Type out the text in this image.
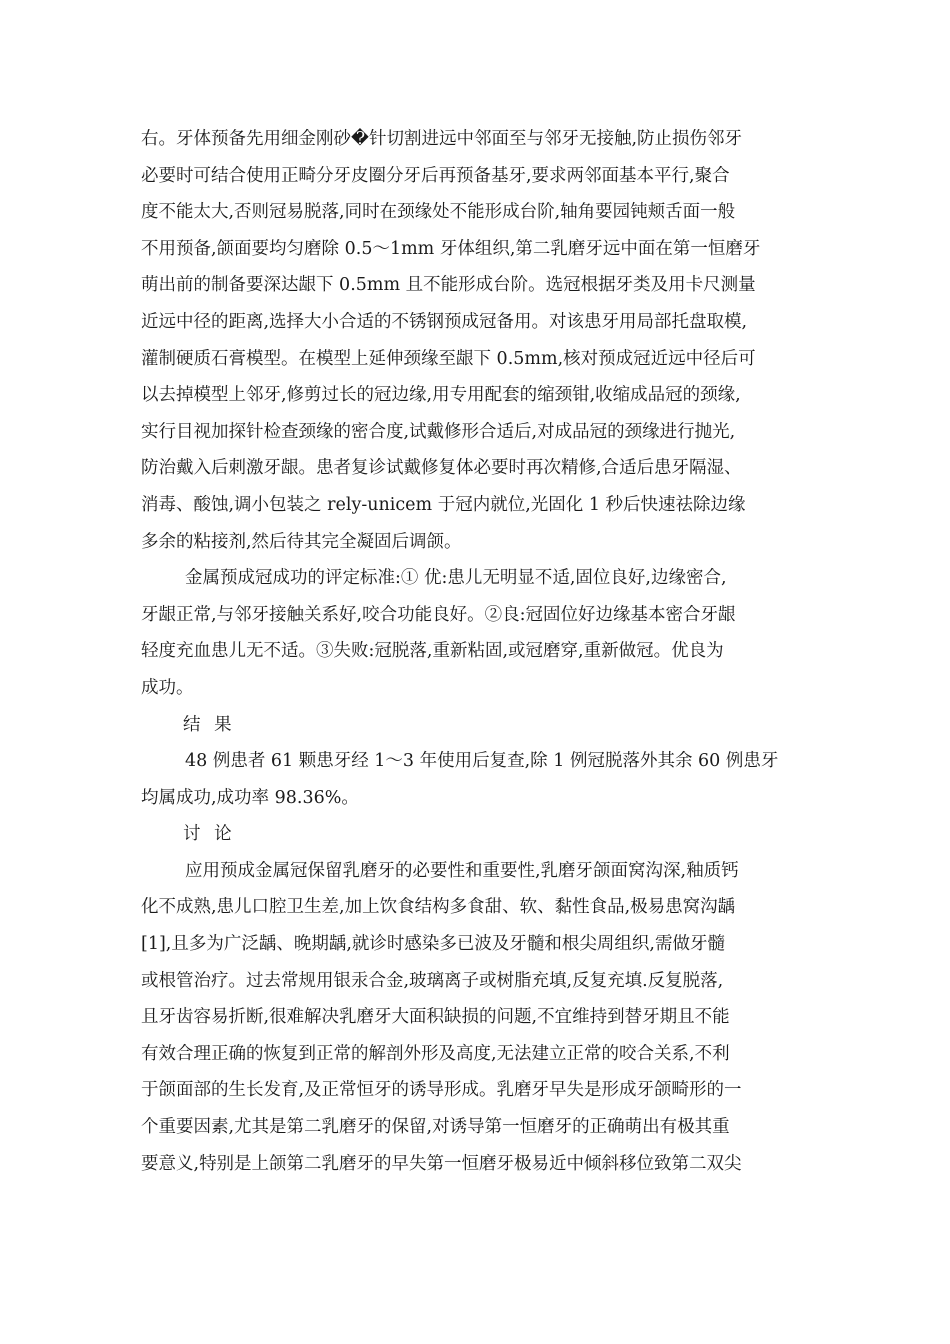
右。牙体预备先用细金刚砂�针切割进远中邻面至与邻牙无接触,防止损伤邻牙
必要时可结合使用正畸分牙皮圈分牙后再预备基牙,要求两邻面基本平行,聚合
度不能太大,否则冠易脱落,同时在颈缘处不能形成台阶,轴角要园钝颊舌面一般
不用预备,颌面要均匀磨除 0.5～1mm 牙体组织,第二乳磨牙远中面在第一恒磨牙
萌出前的制备要深达龈下 0.5mm 且不能形成台阶。选冠根据牙类及用卡尺测量
近远中径的距离,选择大小合适的不锈钢预成冠备用。对该患牙用局部托盘取模,
灌制硬质石膏模型。在模型上延伸颈缘至龈下 0.5mm,核对预成冠近远中径后可
以去掉模型上邻牙,修剪过长的冠边缘,用专用配套的缩颈钳,收缩成品冠的颈缘,
实行目视加探针检查颈缘的密合度,试戴修形合适后,对成品冠的颈缘进行抛光,
防治戴入后刺激牙龈。患者复诊试戴修复体必要时再次精修,合适后患牙隔湿、
消毒、酸蚀,调小包装之 rely-unicem 于冠内就位,光固化 1 秒后快速祛除边缘
多余的粘接剂,然后待其完全凝固后调颌。
金属预成冠成功的评定标准:① 优:患儿无明显不适,固位良好,边缘密合,
牙龈正常,与邻牙接触关系好,咬合功能良好。②良:冠固位好边缘基本密合牙龈
轻度充血患儿无不适。③失败:冠脱落,重新粘固,或冠磨穿,重新做冠。优良为
成功。
结 果
48 例患者 61 颗患牙经 1～3 年使用后复查,除 1 例冠脱落外其余 60 例患牙
均属成功,成功率 98.36%。
讨 论
应用预成金属冠保留乳磨牙的必要性和重要性,乳磨牙颌面窝沟深,釉质钙
化不成熟,患儿口腔卫生差,加上饮食结构多食甜、软、黏性食品,极易患窝沟龋
[1],且多为广泛龋、晚期龋,就诊时感染多已波及牙髓和根尖周组织,需做牙髓
或根管治疗。过去常规用银汞合金,玻璃离子或树脂充填,反复充填.反复脱落,
且牙齿容易折断,很难解决乳磨牙大面积缺损的问题,不宜维持到替牙期且不能
有效合理正确的恢复到正常的解剖外形及高度,无法建立正常的咬合关系,不利
于颌面部的生长发育,及正常恒牙的诱导形成。乳磨牙早失是形成牙颌畸形的一
个重要因素,尤其是第二乳磨牙的保留,对诱导第一恒磨牙的正确萌出有极其重
要意义,特别是上颌第二乳磨牙的早失第一恒磨牙极易近中倾斜移位致第二双尖
